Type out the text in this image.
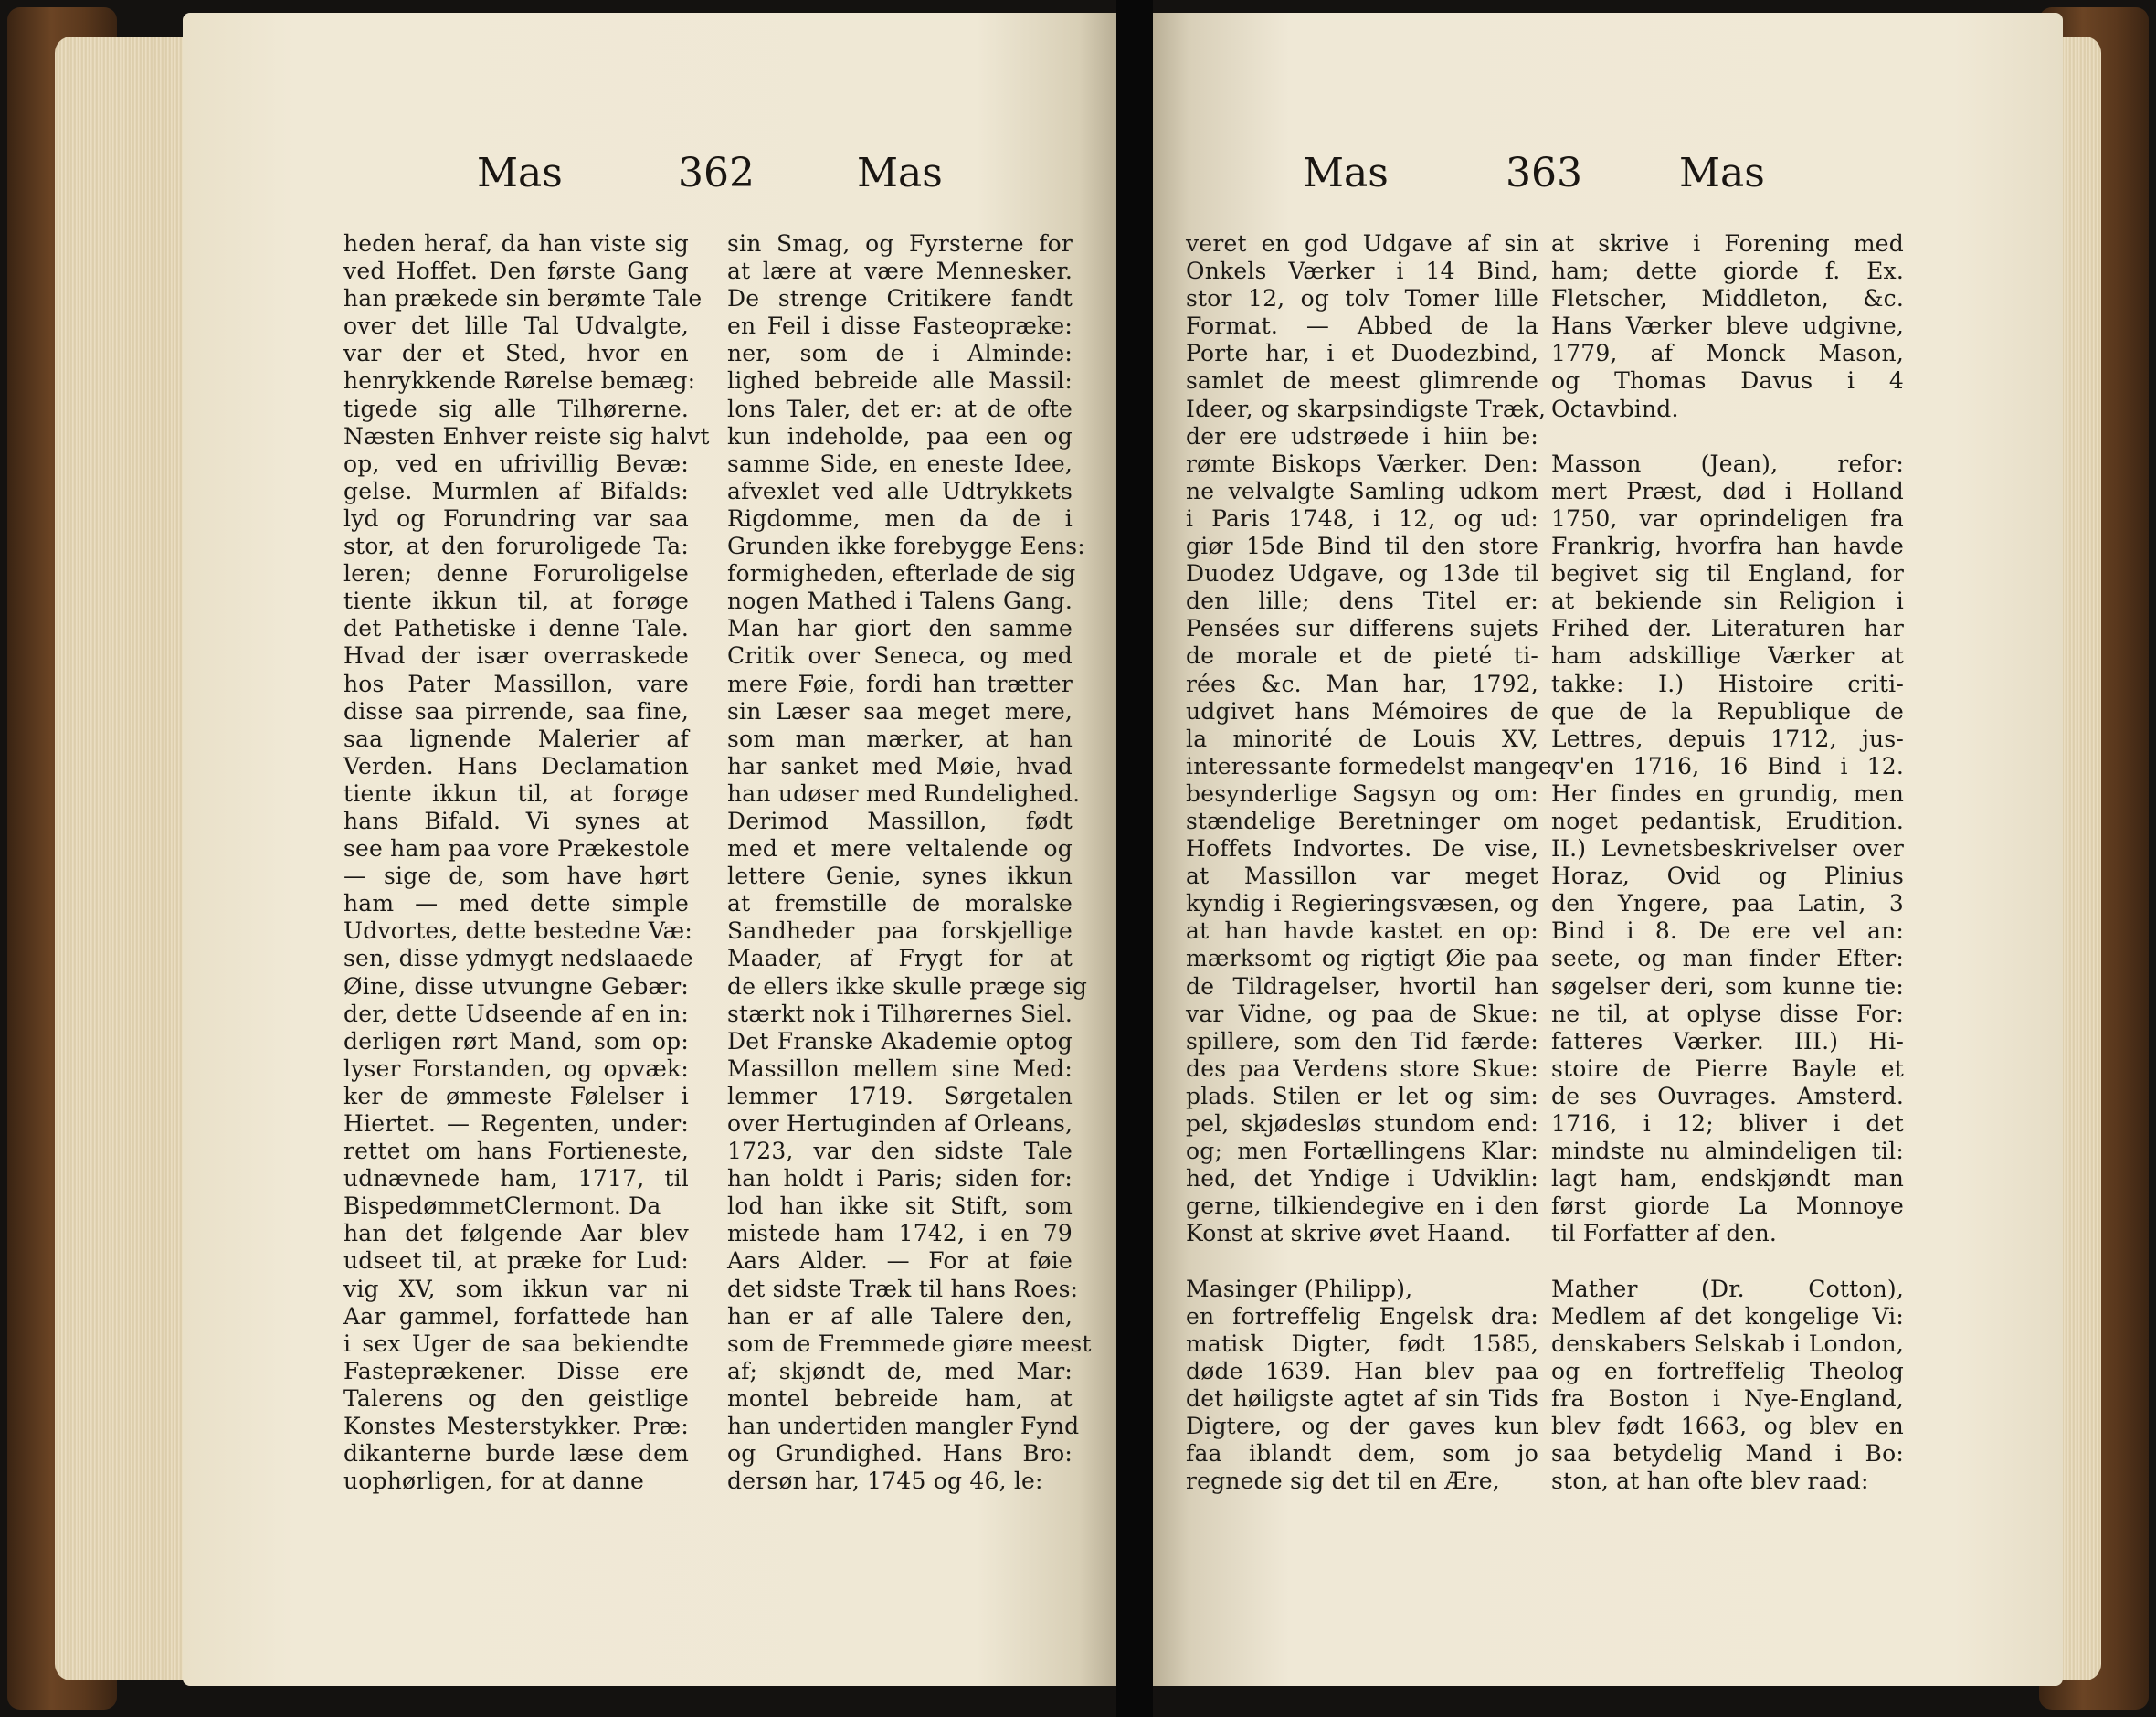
Mas	362	Mas
heden heraf, da han viste sig
ved Hoffet. Den første Gang
han prækede sin berømte Tale
over det lille Tal Udvalgte,
var der et Sted, hvor en
henrykkende Rørelse bemæg:
tigede sig alle Tilhørerne.
Næsten Enhver reiste sig halvt
op, ved en ufrivillig Bevæ:
gelse. Murmlen af Bifalds:
lyd og Forundring var saa
stor, at den foruroligede Ta:
leren; denne Foruroligelse
tiente ikkun til, at forøge
det Pathetiske i denne Tale.
Hvad der især overraskede
hos Pater Massillon, vare
disse saa pirrende, saa fine,
saa lignende Malerier af
Verden. Hans Declamation
tiente ikkun til, at forøge
hans Bifald. Vi synes at
see ham paa vore Prækestole
— sige de, som have hørt
ham — med dette simple
Udvortes, dette bestedne Væ:
sen, disse ydmygt nedslaaede
Øine, disse utvungne Gebær:
der, dette Udseende af en in:
derligen rørt Mand, som op:
lyser Forstanden, og opvæk:
ker de ømmeste Følelser i
Hiertet. — Regenten, under:
rettet om hans Fortieneste,
udnævnede ham, 1717, til
BispedømmetClermont. Da
han det følgende Aar blev
udseet til, at præke for Lud:
vig XV, som ikkun var ni
Aar gammel, forfattede han
i sex Uger de saa bekiendte
Fasteprækener. Disse ere
Talerens og den geistlige
Konstes Mesterstykker. Præ:
dikanterne burde læse dem
uophørligen, for at danne
sin Smag, og Fyrsterne for
at lære at være Mennesker.
De strenge Critikere fandt
en Feil i disse Fasteopræke:
ner, som de i Alminde:
lighed bebreide alle Massil:
lons Taler, det er: at de ofte
kun indeholde, paa een og
samme Side, en eneste Idee,
afvexlet ved alle Udtrykkets
Rigdomme, men da de i
Grunden ikke forebygge Eens:
formigheden, efterlade de sig
nogen Mathed i Talens Gang.
Man har giort den samme
Critik over Seneca, og med
mere Føie, fordi han trætter
sin Læser saa meget mere,
som man mærker, at han
har sanket med Møie, hvad
han udøser med Rundelighed.
Derimod Massillon, født
med et mere veltalende og
lettere Genie, synes ikkun
at fremstille de moralske
Sandheder paa forskjellige
Maader, af Frygt for at
de ellers ikke skulle præge sig
stærkt nok i Tilhørernes Siel.
Det Franske Akademie optog
Massillon mellem sine Med:
lemmer 1719. Sørgetalen
over Hertuginden af Orleans,
1723, var den sidste Tale
han holdt i Paris; siden for:
lod han ikke sit Stift, som
mistede ham 1742, i en 79
Aars Alder. — For at føie
det sidste Træk til hans Roes:
han er af alle Talere den,
som de Fremmede giøre meest
af; skjøndt de, med Mar:
montel bebreide ham, at
han undertiden mangler Fynd
og Grundighed. Hans Bro:
dersøn har, 1745 og 46, le:
Mas	363 Mas
veret en god Udgave af sin
Onkels Værker i 14 Bind,
stor 12, og tolv Tomer lille
Format. — Abbed de la
Porte har, i et Duodezbind,
samlet de meest glimrende
Ideer, og skarpsindigste Træk,
der ere udstrøede i hiin be:
rømte Biskops Værker. Den:
ne velvalgte Samling udkom
i Paris 1748, i 12, og ud:
giør 15de Bind til den store
Duodez Udgave, og 13de til
den lille; dens Titel er:
Pensées sur differens sujets
de morale et de pieté ti-
rées &c. Man har, 1792,
udgivet hans Mémoires de
la minorité de Louis XV,
interessante formedelst mange
besynderlige Sagsyn og om:
stændelige Beretninger om
Hoffets Indvortes. De vise,
at Massillon var meget
kyndig i Regieringsvæsen, og
at han havde kastet en op:
mærksomt og rigtigt Øie paa
de Tildragelser, hvortil han
var Vidne, og paa de Skue:
spillere, som den Tid færde:
des paa Verdens store Skue:
plads. Stilen er let og sim:
pel, skjødesløs stundom end:
og; men Fortællingens Klar:
hed, det Yndige i Udviklin:
gerne, tilkiendegive en i den
Konst at skrive øvet Haand.
Masinger (Philipp),
en fortreffelig Engelsk dra:
matisk Digter, født 1585,
døde 1639. Han blev paa
det høiligste agtet af sin Tids
Digtere, og der gaves kun
faa iblandt dem, som jo
regnede sig det til en Ære,
at skrive i Forening med
ham; dette giorde f. Ex.
Fletscher, Middleton, &c.
Hans Værker bleve udgivne,
1779, af Monck Mason,
og Thomas Davus i 4
Octavbind.
Masson (Jean), refor:
mert Præst, død i Holland
1750, var oprindeligen fra
Frankrig, hvorfra han havde
begivet sig til England, for
at bekiende sin Religion i
Frihed der. Literaturen har
ham adskillige Værker at
takke: I.) Histoire criti-
que de la Republique de
Lettres, depuis 1712, jus-
qv'en 1716, 16 Bind i 12.
Her findes en grundig, men
noget pedantisk, Erudition.
II.) Levnetsbeskrivelser over
Horaz, Ovid og Plinius
den Yngere, paa Latin, 3
Bind i 8. De ere vel an:
seete, og man finder Efter:
søgelser deri, som kunne tie:
ne til, at oplyse disse For:
fatteres Værker. III.) Hi-
stoire de Pierre Bayle et
de ses Ouvrages. Amsterd.
1716, i 12; bliver i det
mindste nu almindeligen til:
lagt ham, endskjøndt man
først giorde La Monnoye
til Forfatter af den.
Mather (Dr. Cotton),
Medlem af det kongelige Vi:
denskabers Selskab i London,
og en fortreffelig Theolog
fra Boston i Nye-England,
blev født 1663, og blev en
saa betydelig Mand i Bo:
ston, at han ofte blev raad:
